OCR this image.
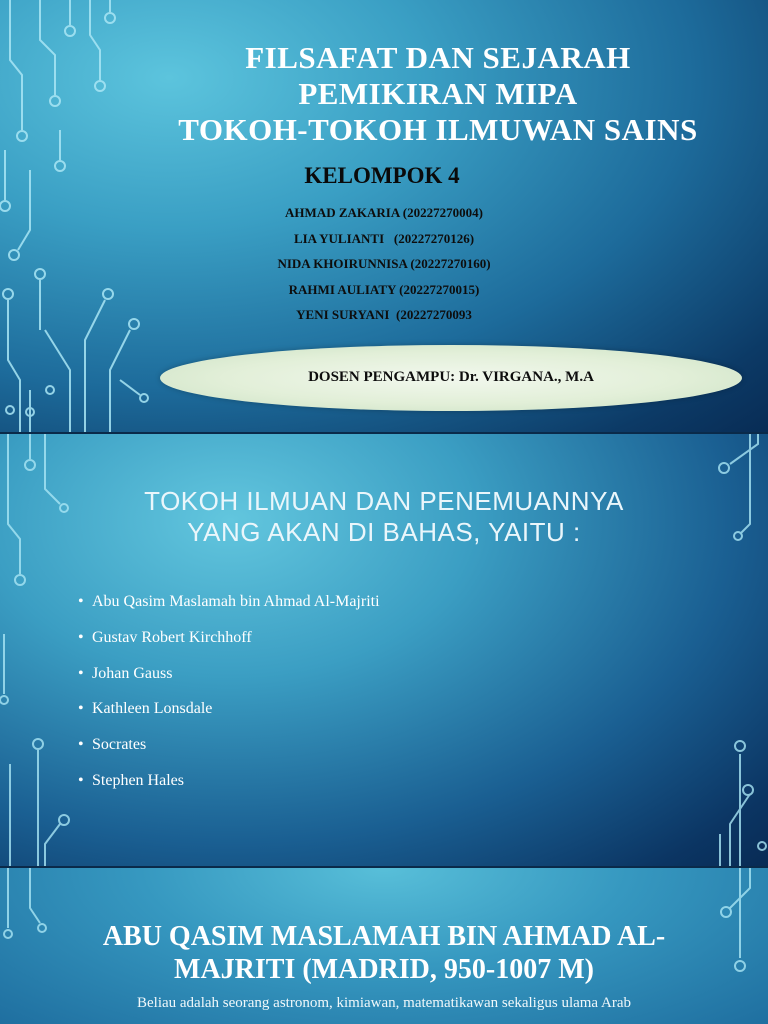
FILSAFAT DAN SEJARAH
PEMIKIRAN MIPA
TOKOH-TOKOH ILMUWAN SAINS
KELOMPOK 4
AHMAD ZAKARIA (20227270004)
LIA YULIANTI   (20227270126)
NIDA KHOIRUNNISA (20227270160)
RAHMI AULIATY (20227270015)
YENI SURYANI  (20227270093
DOSEN PENGAMPU: Dr. VIRGANA., M.A
TOKOH ILMUAN DAN PENEMUANNYA
YANG AKAN DI BAHAS, YAITU :
• Abu Qasim Maslamah bin Ahmad Al-Majriti
• Gustav Robert Kirchhoff
• Johan Gauss
• Kathleen Lonsdale
• Socrates
• Stephen Hales
ABU QASIM MASLAMAH BIN AHMAD AL-
MAJRITI (MADRID, 950-1007 M)
Beliau adalah seorang astronom, kimiawan, matematikawan sekaligus ulama Arab
